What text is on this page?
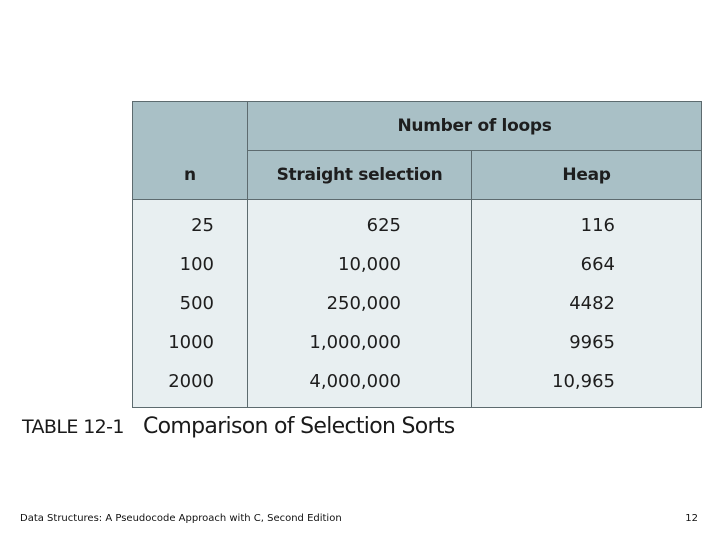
n	Number of loops	
	Straight selection	Heap
25	625	116
100	10,000	664
500	250,000	4482
1000	1,000,000	9965
2000	4,000,000	10,965
TABLE 12-1 Comparison of Selection Sorts
Data Structures: A Pseudocode Approach with C, Second Edition	12
